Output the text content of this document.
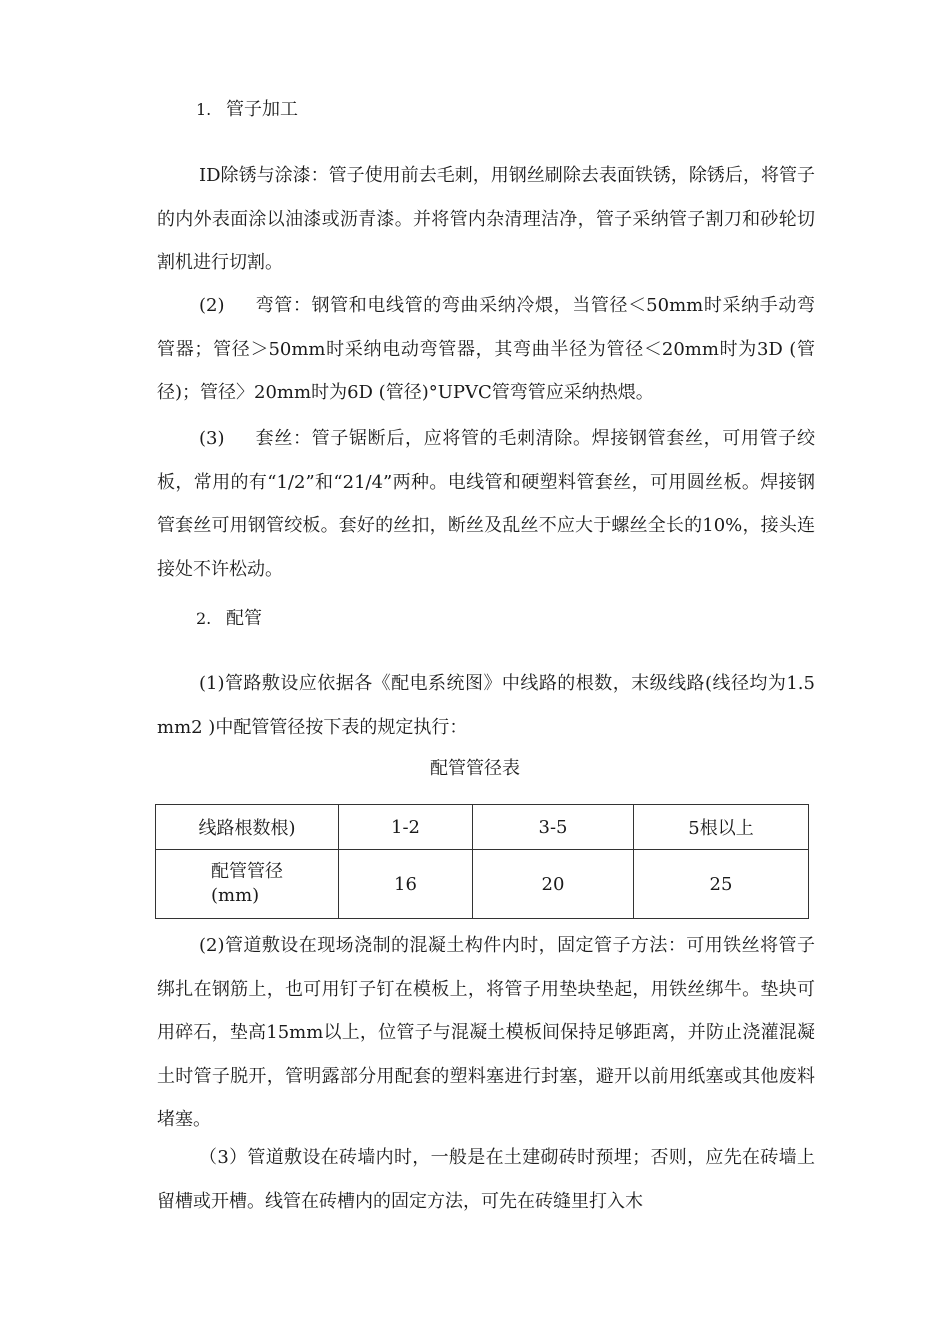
1. 管子加工

ID除锈与涂漆：管子使用前去毛刺，用钢丝刷除去表面铁锈，除锈后，将管子的内外表面涂以油漆或沥青漆。并将管内杂清理洁净，管子采纳管子割刀和砂轮切割机进行切割。

(2) 弯管：钢管和电线管的弯曲采纳冷煨，当管径＜50mm时采纳手动弯管器；管径＞50mm时采纳电动弯管器，其弯曲半径为管径＜20mm时为3D (管径)；管径〉20mm时为6D (管径)°UPVC管弯管应采纳热煨。

(3) 套丝：管子锯断后，应将管的毛刺清除。焊接钢管套丝，可用管子绞板，常用的有“1/2”和“21/4”两种。电线管和硬塑料管套丝，可用圆丝板。焊接钢管套丝可用钢管绞板。套好的丝扣，断丝及乱丝不应大于螺丝全长的10%，接头连接处不许松动。

2. 配管

(1)管路敷设应依据各《配电系统图》中线路的根数，末级线路(线径均为1.5mm2 )中配管管径按下表的规定执行：

配管管径表
线路根数根)	1-2	3-5	5根以上
配管管径
(mm)	16	20	25

(2)管道敷设在现场浇制的混凝土构件内时，固定管子方法：可用铁丝将管子绑扎在钢筋上，也可用钉子钉在模板上，将管子用垫块垫起，用铁丝绑牛。垫块可用碎石，垫高15mm以上，位管子与混凝土模板间保持足够距离，并防止浇灌混凝土时管子脱开，管明露部分用配套的塑料塞进行封塞，避开以前用纸塞或其他废料堵塞。

（3）管道敷设在砖墙内时，一般是在土建砌砖时预埋；否则，应先在砖墙上留槽或开槽。线管在砖槽内的固定方法，可先在砖缝里打入木
